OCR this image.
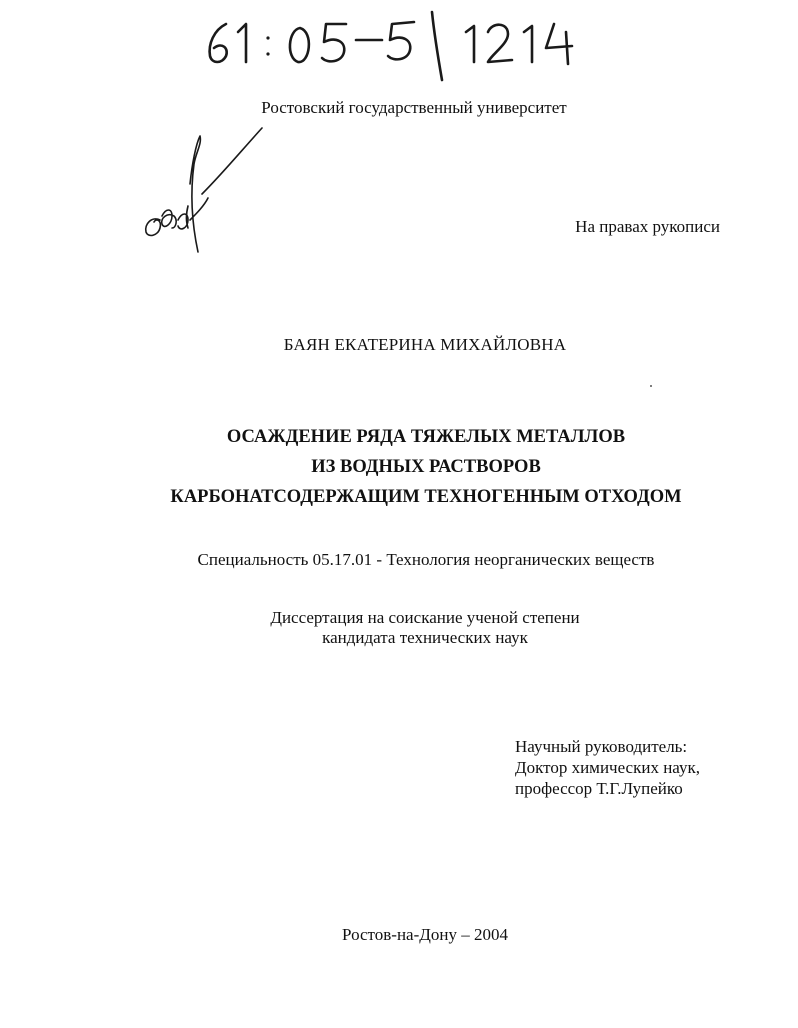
Ростовский государственный университет
На правах рукописи
БАЯН ЕКАТЕРИНА МИХАЙЛОВНА
ОСАЖДЕНИЕ РЯДА ТЯЖЕЛЫХ МЕТАЛЛОВ
ИЗ ВОДНЫХ РАСТВОРОВ
КАРБОНАТСОДЕРЖАЩИМ ТЕХНОГЕННЫМ ОТХОДОМ
Специальность 05.17.01 - Технология неорганических веществ
Диссертация на соискание ученой степени
кандидата технических наук
Научный руководитель:
Доктор химических наук,
профессор Т.Г.Лупейко
Ростов-на-Дону – 2004
